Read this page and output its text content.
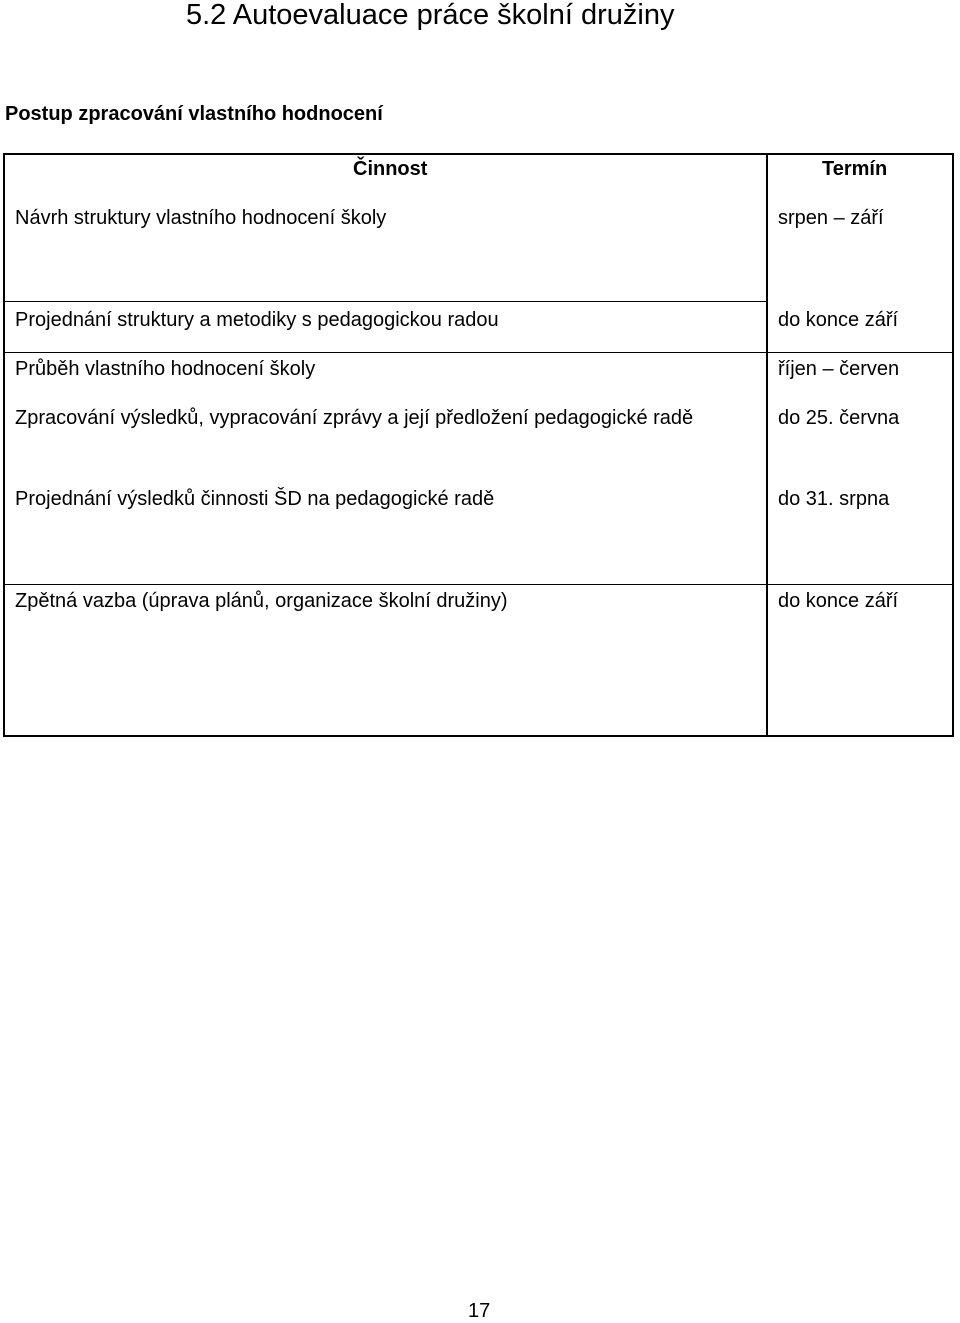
5.2 Autoevaluace práce školní družiny
Postup zpracování vlastního hodnocení
Činnost	Termín
Návrh struktury vlastního hodnocení školy	srpen – září
Projednání struktury a metodiky s pedagogickou radou	do konce září
Průběh vlastního hodnocení školy	říjen – červen
Zpracování výsledků, vypracování zprávy a její předložení pedagogické radě	do 25. června
Projednání výsledků činnosti ŠD na pedagogické radě	do 31. srpna
Zpětná vazba (úprava plánů, organizace školní družiny)	do konce září
17
